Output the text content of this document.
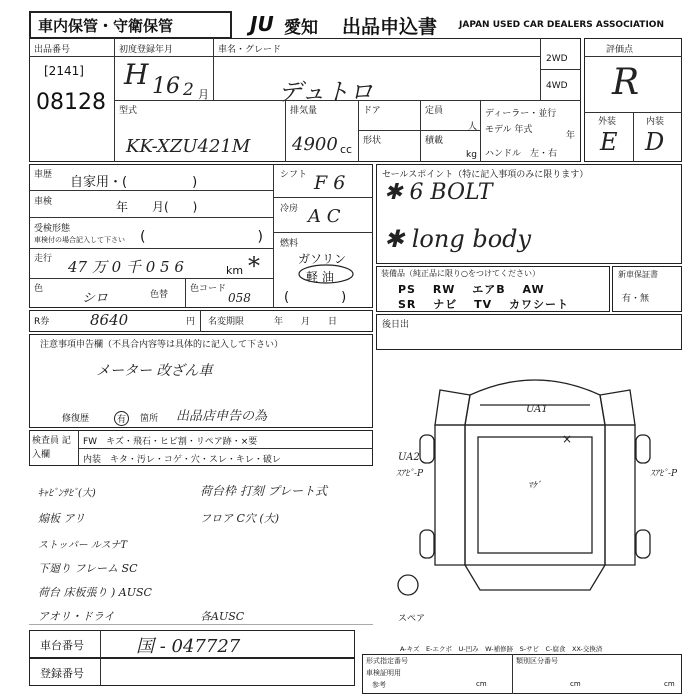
車内保管・守衛保管	JU 愛知 出品申込書 JAPAN USED CAR DEALERS ASSOCIATION
出品番号
[2141]
08128
初度登録年月
H 16 2 月
車名・グレード
デュトロ
2WD
4WD
評価点
R
外装	内装
E D
型式
KK-XZU421M
排気量
4900 cc
ドア
形状
定員
人
積載
kg
ディーラー・並行
モデル 年式
年
ハンドル　左・右
車歴 自家用・(　　　　　)
車検	年　　月(　　)
受検形態
車検付の場合記入して下さい (　　　　　　　　)
走行 47 万 0 千 0 5 6	km *
色
シロ	色替
色コード
058
シフト F 6
冷房 A C
燃料
ガソリン
軽 油
(　　　　)
R券	8640	円 名変期限	年　　月　　日
セールスポイント（特に記入事項のみに限ります）
✱ 6 BOLT
✱ long body
装備品（純正品に限り○をつけてください）
PS　 RW　 エアB　 AW
SR　 ナビ　 TV　 カワシート
新車保証書
有・無
後日出
注意事項申告欄（不具合内容等は具体的に記入して下さい）
メーター 改ざん車
修復歴	有	箇所 出品店申告の為
検査員 記入欄
FW　キズ・飛石・ヒビ割・リペア跡・×要
内装　キタ・汚レ・コゲ・穴・スレ・キレ・破レ
ｷｬﾋﾞﾝｻﾋﾞ(大)	荷台枠 打刻 プレート式
煽板 アリ	フロア C穴 (大)
ストッパー ルスナT
下廻り フレーム SC
荷台 床板張り ) AUSC
アオリ・ドライ	各AUSC
×
UA1
UA2
ｽｱﾋﾟ-P	ｽｱﾋﾟ-P
ﾏｹﾞ
スペア
A-キズ　E-エクボ　U-凹み　W-補修跡　S-サビ　C-腐食　XX-交換済
車台番号	国 - 047727
登録番号
形式指定番号	類別区分番号
車検証明用
参考	cm	cm	cm
